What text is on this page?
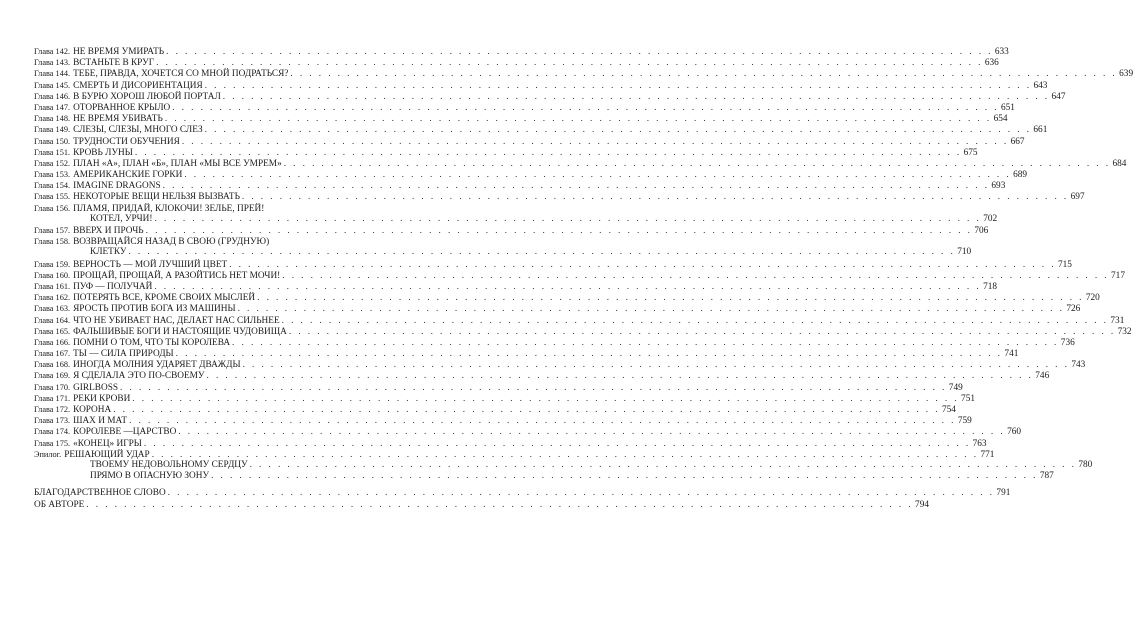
Глава 142. НЕ ВРЕМЯ УМИРАТЬ . . .	633
Глава 143. ВСТАНЬТЕ В КРУГ . . .	636
Глава 144. ТЕБЕ, ПРАВДА, ХОЧЕТСЯ СО МНОЙ ПОДРАТЬСЯ? . . .	639
Глава 145. СМЕРТЬ И ДИСОРИЕНТАЦИЯ . . .	643
Глава 146. В БУРЮ ХОРОШ ЛЮБОЙ ПОРТАЛ . . .	647
Глава 147. ОТОРВАННОЕ КРЫЛО . . .	651
Глава 148. НЕ ВРЕМЯ УБИВАТЬ . . .	654
Глава 149. СЛЕЗЫ, СЛЕЗЫ, МНОГО СЛЕЗ . . .	661
Глава 150. ТРУДНОСТИ ОБУЧЕНИЯ . . .	667
Глава 151. КРОВЬ ЛУНЫ . . .	675
Глава 152. ПЛАН «А», ПЛАН «Б», ПЛАН «МЫ ВСЕ УМРЕМ» . . .	684
Глава 153. АМЕРИКАНСКИЕ ГОРКИ . . .	689
Глава 154. IMAGINE DRAGONS . . .	693
Глава 155. НЕКОТОРЫЕ ВЕЩИ НЕЛЬЗЯ ВЫЗВАТЬ . . .	697
Глава 156. ПЛАМЯ, ПРИДАЙ, КЛОКОЧИ! ЗЕЛЬЕ, ПРЕЙ!
КОТЕЛ, УРЧИ! . . .	702
Глава 157. ВВЕРХ И ПРОЧЬ . . .	706
Глава 158. ВОЗВРАЩАЙСЯ НАЗАД В СВОЮ (ГРУДНУЮ)
КЛЕТКУ . . .	710
Глава 159. ВЕРНОСТЬ — МОЙ ЛУЧШИЙ ЦВЕТ . . .	715
Глава 160. ПРОЩАЙ, ПРОЩАЙ, А РАЗОЙТИСЬ НЕТ МОЧИ! . . .	717
Глава 161. ПУФ — ПОЛУЧАЙ . . .	718
Глава 162. ПОТЕРЯТЬ ВСЕ, КРОМЕ СВОИХ МЫСЛЕЙ . . .	720
Глава 163. ЯРОСТЬ ПРОТИВ БОГА ИЗ МАШИНЫ . . .	726
Глава 164. ЧТО НЕ УБИВАЕТ НАС, ДЕЛАЕТ НАС СИЛЬНЕЕ . . .	731
Глава 165. ФАЛЬШИВЫЕ БОГИ И НАСТОЯЩИЕ ЧУДОВИЩА . . .	732
Глава 166. ПОМНИ О ТОМ, ЧТО ТЫ КОРОЛЕВА . . .	736
Глава 167. ТЫ — СИЛА ПРИРОДЫ . . .	741
Глава 168. ИНОГДА МОЛНИЯ УДАРЯЕТ ДВАЖДЫ . . .	743
Глава 169. Я СДЕЛАЛА ЭТО ПО-СВОЕМУ . . .	746
Глава 170. GIRLBOSS . . .	749
Глава 171. РЕКИ КРОВИ . . .	751
Глава 172. КОРОНА . . .	754
Глава 173. ШАХ И МАТ . . .	759
Глава 174. КОРОЛЕВЕ —ЦАРСТВО . . .	760
Глава 175. «КОНЕЦ» ИГРЫ . . .	763
Эпилог. РЕШАЮЩИЙ УДАР . . .	771
ТВОЕМУ НЕДОВОЛЬНОМУ СЕРДЦУ . . .	780
ПРЯМО В ОПАСНУЮ ЗОНУ . . .	787
БЛАГОДАРСТВЕННОЕ СЛОВО . . .	791
ОБ АВТОРЕ . . .	794
